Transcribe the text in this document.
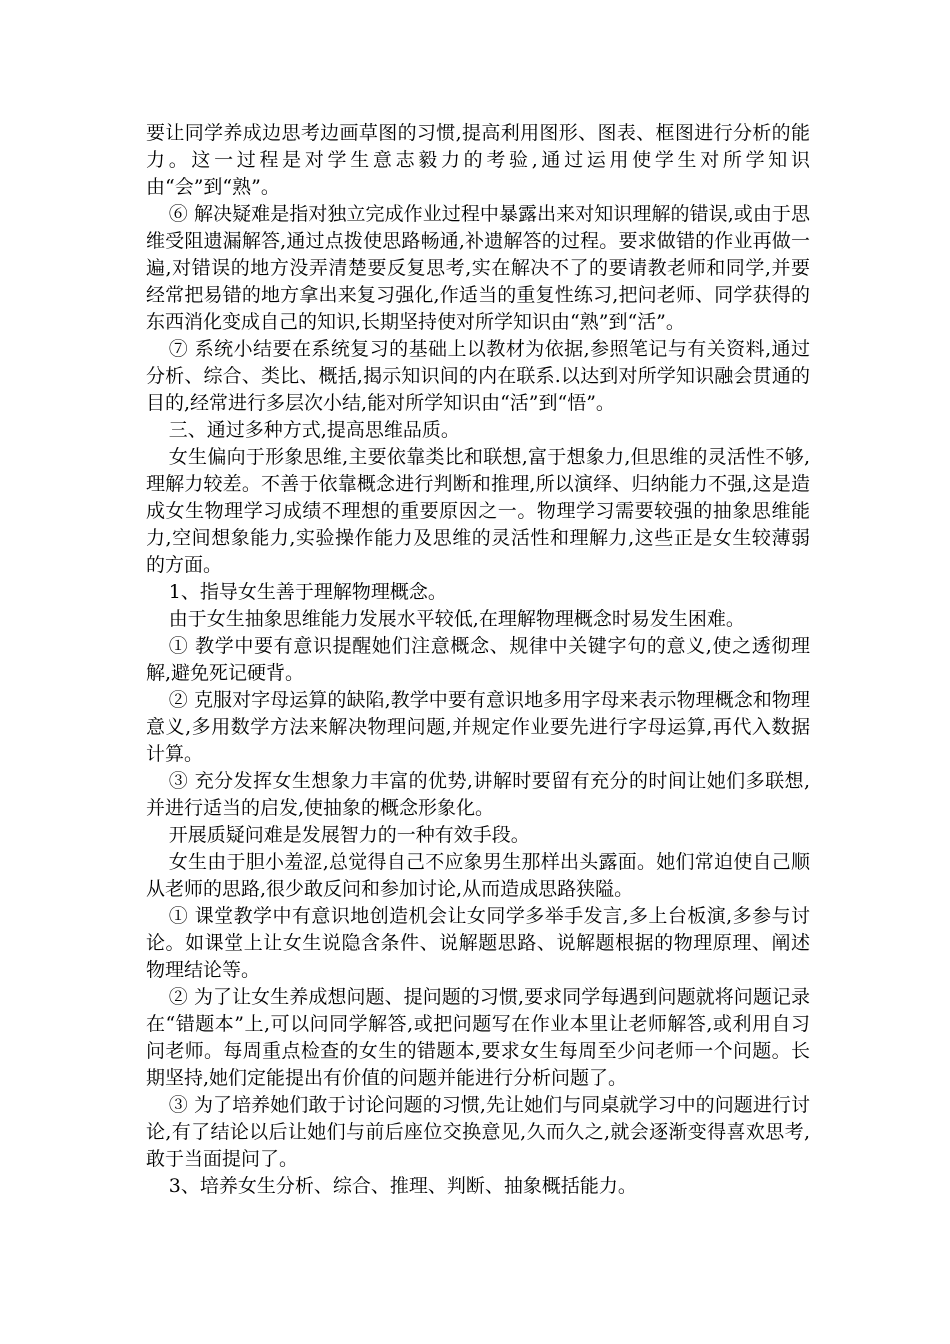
要让同学养成边思考边画草图的习惯,提高利用图形、图表、框图进行分析的能力。这一过程是对学生意志毅力的考验,通过运用使学生对所学知识由“会”到“熟”。

⑥ 解决疑难是指对独立完成作业过程中暴露出来对知识理解的错误,或由于思维受阻遗漏解答,通过点拨使思路畅通,补遗解答的过程。要求做错的作业再做一遍,对错误的地方没弄清楚要反复思考,实在解决不了的要请教老师和同学,并要经常把易错的地方拿出来复习强化,作适当的重复性练习,把问老师、同学获得的东西消化变成自己的知识,长期坚持使对所学知识由“熟”到“活”。

⑦ 系统小结要在系统复习的基础上以教材为依据,参照笔记与有关资料,通过分析、综合、类比、概括,揭示知识间的内在联系.以达到对所学知识融会贯通的目的,经常进行多层次小结,能对所学知识由“活”到“悟”。

三、通过多种方式,提高思维品质。

女生偏向于形象思维,主要依靠类比和联想,富于想象力,但思维的灵活性不够,理解力较差。不善于依靠概念进行判断和推理,所以演绎、归纳能力不强,这是造成女生物理学习成绩不理想的重要原因之一。物理学习需要较强的抽象思维能力,空间想象能力,实验操作能力及思维的灵活性和理解力,这些正是女生较薄弱的方面。

1、指导女生善于理解物理概念。

由于女生抽象思维能力发展水平较低,在理解物理概念时易发生困难。

① 教学中要有意识提醒她们注意概念、规律中关键字句的意义,使之透彻理解,避免死记硬背。

② 克服对字母运算的缺陷,教学中要有意识地多用字母来表示物理概念和物理意义,多用数学方法来解决物理问题,并规定作业要先进行字母运算,再代入数据计算。

③ 充分发挥女生想象力丰富的优势,讲解时要留有充分的时间让她们多联想,并进行适当的启发,使抽象的概念形象化。

开展质疑问难是发展智力的一种有效手段。

女生由于胆小羞涩,总觉得自己不应象男生那样出头露面。她们常迫使自己顺从老师的思路,很少敢反问和参加讨论,从而造成思路狭隘。

① 课堂教学中有意识地创造机会让女同学多举手发言,多上台板演,多参与讨论。如课堂上让女生说隐含条件、说解题思路、说解题根据的物理原理、阐述物理结论等。

② 为了让女生养成想问题、提问题的习惯,要求同学每遇到问题就将问题记录在“错题本”上,可以问同学解答,或把问题写在作业本里让老师解答,或利用自习问老师。每周重点检查的女生的错题本,要求女生每周至少问老师一个问题。长期坚持,她们定能提出有价值的问题并能进行分析问题了。

③ 为了培养她们敢于讨论问题的习惯,先让她们与同桌就学习中的问题进行讨论,有了结论以后让她们与前后座位交换意见,久而久之,就会逐渐变得喜欢思考,敢于当面提问了。

3、培养女生分析、综合、推理、判断、抽象概括能力。
